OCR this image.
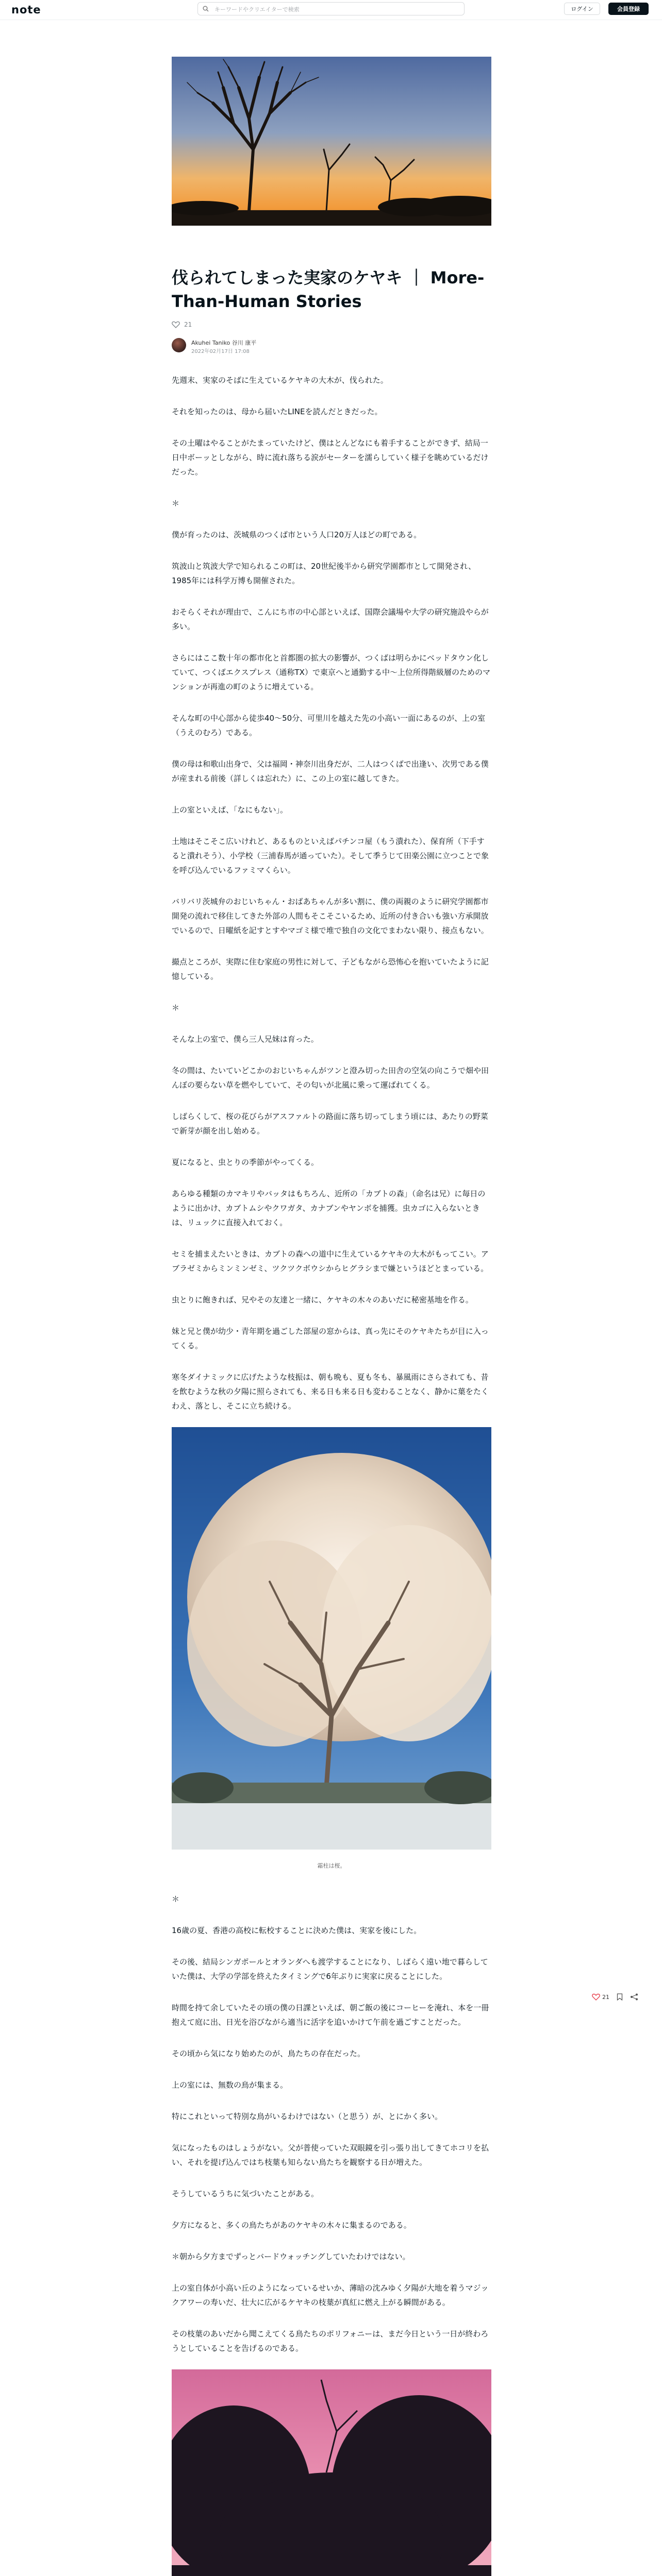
note
キーワードやクリエイターで検索	ログイン	会員登録
伐られてしまった実家のケヤキ ｜ More-Than-Human Stories
21
Akuhei Taniko 谷川 康平
2022年02月17日 17:08

先週末、実家のそばに生えているケヤキの大木が、伐られた。

それを知ったのは、母から届いたLINEを読んだときだった。

その土曜はやることがたまっていたけど、僕はとんどなにも着手することができず、結局一日中ボーッとしながら、時に流れ落ちる涙がセーターを濡らしていく様子を眺めているだけだった。

＊

僕が育ったのは、茨城県のつくば市という人口20万人ほどの町である。

筑波山と筑波大学で知られるこの町は、20世紀後半から研究学園都市として開発され、1985年には科学万博も開催された。

おそらくそれが理由で、こんにち市の中心部といえば、国際会議場や大学の研究施設やらが多い。

さらにはここ数十年の都市化と首都圏の拡大の影響が、つくばは明らかにベッドタウン化していて、つくばエクスプレス（通称TX）で東京へと通勤する中～上位所得階級層のためのマンションが再進の町のように増えている。

そんな町の中心部から徒歩40～50分、可里川を越えた先の小高い一面にあるのが、上の室（うえのむろ）である。

僕の母は和歌山出身で、父は福岡・神奈川出身だが、二人はつくばで出逢い、次男である僕が産まれる前後（詳しくは忘れた）に、この上の室に越してきた。

上の室といえば、「なにもない」。

土地はそこそこ広いけれど、あるものといえばパチンコ屋（もう潰れた）、保育所（下手すると潰れそう）、小学校（三浦春馬が通っていた）。そして季うじて田楽公園に立つことで象を呼び込んでいるファミマくらい。

バリバリ茨城弁のおじいちゃん・おばあちゃんが多い割に、僕の両親のように研究学園都市開発の流れで移住してきた外部の人間もそこそこいるため、近所の付き合いも強い方承開放でいるので、日曜紙を記すとすやマゴミ様で堆で独自の文化でまわない限り、接点もない。

撮点ところが、実際に住む家庭の男性に対して、子どもながら恐怖心を抱いていたように記憶している。

＊

そんな上の室で、僕ら三人兄妹は育った。

冬の間は、たいていどこかのおじいちゃんがツンと澄み切った田舎の空気の向こうで畑や田んぼの要らない草を燃やしていて、その匂いが北風に乗って運ばれてくる。

しばらくして、桜の花びらがアスファルトの路面に落ち切ってしまう頃には、あたりの野菜で新芽が顔を出し始める。

夏になると、虫とりの季節がやってくる。

あらゆる種類のカマキリやバッタはもちろん、近所の「カブトの森」（命名は兄）に毎日のように出かけ、カブトムシやクワガタ、カナブンやヤンボを捕獲。虫カゴに入らないときは、リュックに直接入れておく。

セミを捕まえたいときは、カブトの森への道中に生えているケヤキの大木がもってこい。アブラゼミからミンミンゼミ、ツクツクボウシからヒグラシまで嫌というほどとまっている。

虫とりに飽きれば、兄やその友達と一緒に、ケヤキの木々のあいだに秘密基地を作る。

妹と兄と僕が幼少・青年期を過ごした部屋の窓からは、真っ先にそのケヤキたちが目に入ってくる。

寒冬ダイナミックに広げたような枝振は、朝も晩も、夏も冬も、暴風雨にさらされても、昔を飲むような秋の夕陽に照らされても、来る日も来る日も変わることなく、静かに葉をたくわえ、落とし、そこに立ち続ける。

霜柱は桜。

＊

16歳の夏、香港の高校に転校することに決めた僕は、実家を後にした。

その後、結局シンガポールとオランダへも渡学することになり、しばらく遠い地で暮らしていた僕は、大学の学部を終えたタイミングで6年ぶりに実家に戻ることにした。

時間を持て余していたその頃の僕の日課といえば、朝ご飯の後にコーヒーを淹れ、本を一冊抱えて庭に出、日光を浴びながら適当に活字を追いかけて午前を過ごすことだった。

その頃から気になり始めたのが、鳥たちの存在だった。

上の室には、無数の鳥が集まる。

特にこれといって特別な鳥がいるわけではない（と思う）が、とにかく多い。

気になったものはしょうがない。父が普使っていた双眼鏡を引っ張り出してきてホコリを払い、それを提げ込んではち枝葉も知らない鳥たちを観察する日が増えた。

そうしているうちに気づいたことがある。

夕方になると、多くの鳥たちがあのケヤキの木々に集まるのである。

＊朝から夕方までずっとバードウォッチングしていたわけではない。

上の室自体が小高い丘のようになっているせいか、薄暗の沈みゆく夕陽が大地を着うマジックアワーの寿いだ、壮大に広がるケヤキの枝葉が真紅に燃え上がる瞬間がある。

その枝葉のあいだから聞こえてくる鳥たちのポリフォニーは、まだ今日という一日が終わろうとしていることを告げるのである。

21
